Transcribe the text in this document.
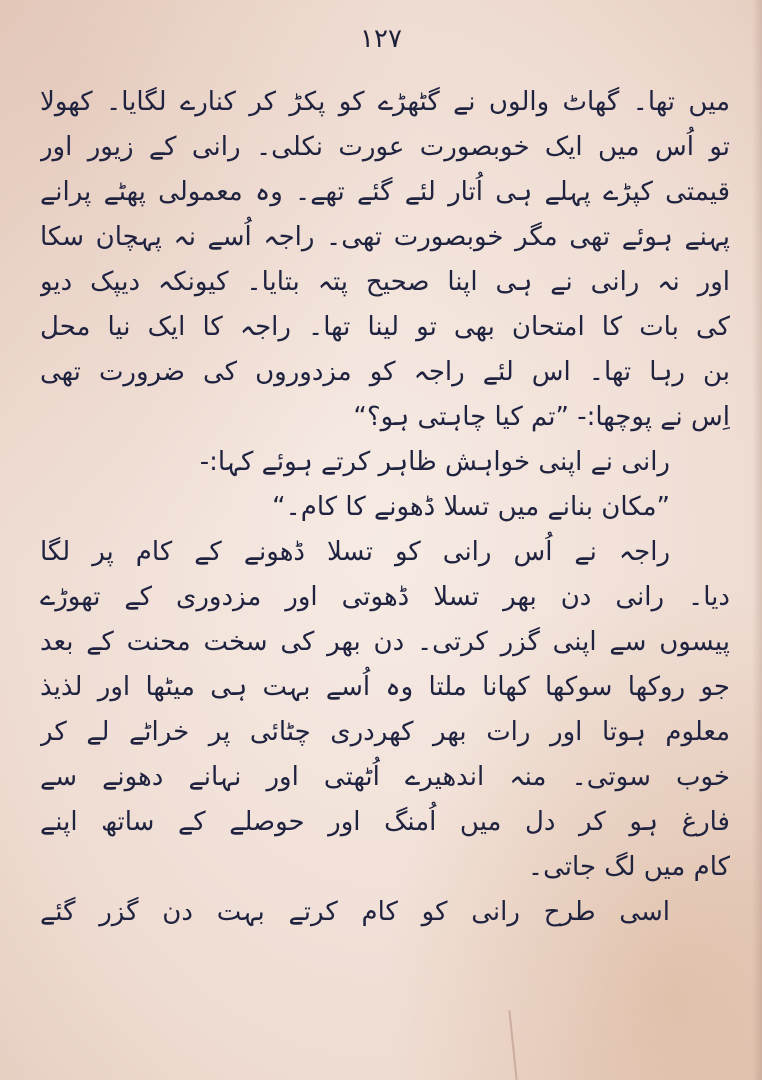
۱۲۷
میں تھا۔ گھاٹ والوں نے گٹھڑے کو پکڑ کر کنارے لگایا۔ کھولا
تو اُس میں ایک خوبصورت عورت نکلی۔ رانی کے زیور اور
قیمتی کپڑے پہلے ہی اُتار لئے گئے تھے۔ وہ معمولی پھٹے پرانے
پہنے ہوئے تھی مگر خوبصورت تھی۔ راجہ اُسے نہ پہچان سکا
اور نہ رانی نے ہی اپنا صحیح پتہ بتایا۔ کیونکہ دیپک دیو
کی بات کا امتحان بھی تو لینا تھا۔ راجہ کا ایک نیا محل
بن رہا تھا۔ اس لئے راجہ کو مزدوروں کی ضرورت تھی
اِس نے پوچھا:- ”تم کیا چاہتی ہو؟“
رانی نے اپنی خواہش ظاہر کرتے ہوئے کہا:-
”مکان بنانے میں تسلا ڈھونے کا کام۔“
راجہ نے اُس رانی کو تسلا ڈھونے کے کام پر لگا
دیا۔ رانی دن بھر تسلا ڈھوتی اور مزدوری کے تھوڑے
پیسوں سے اپنی گزر کرتی۔ دن بھر کی سخت محنت کے بعد
جو روکھا سوکھا کھانا ملتا وہ اُسے بہت ہی میٹھا اور لذیذ
معلوم ہوتا اور رات بھر کھردری چٹائی پر خراٹے لے کر
خوب سوتی۔ منہ اندھیرے اُٹھتی اور نہانے دھونے سے
فارغ ہو کر دل میں اُمنگ اور حوصلے کے ساتھ اپنے
کام میں لگ جاتی۔
اسی طرح رانی کو کام کرتے بہت دن گزر گئے
